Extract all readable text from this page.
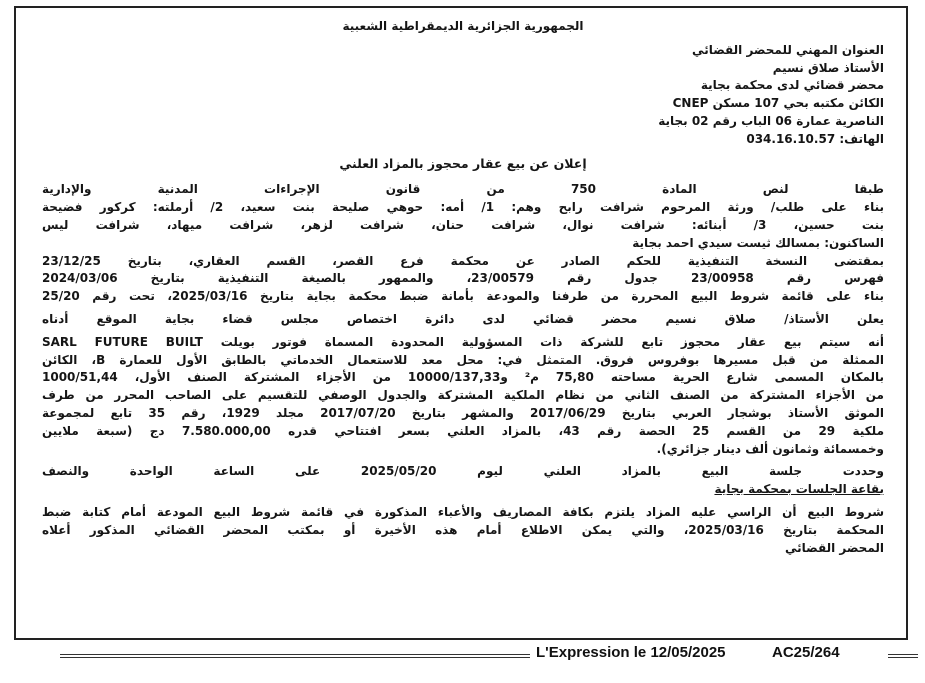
الجمهورية الجزائرية الديمقراطية الشعبية
العنوان المهني للمحضر القضائي
الأستاذ صلاق نسيم
محضر قضائي لدى محكمة بجاية
الكائن مكتبه بحي 107 مسكن CNEP
الناصرية عمارة 06 الباب رقم 02 بجاية
الهاتف: 034.16.10.57
إعلان عن بيع عقار محجوز بالمزاد العلني
طبقا لنص المادة 750 من قانون الإجراءات المدنية والإدارية
بناء على طلب/ ورثة المرحوم شرافت رابح وهم: 1/ أمه: حوهي صليحة بنت سعيد، 2/ أرملته: كركور فضيحة
بنت حسين، 3/ أبنائه: شرافت نوال، شرافت حنان، شرافت لزهر، شرافت ميهاد، شرافت ليس
الساكنون: بمسالك ثيست سيدي احمد بجاية
بمقتضى النسخة التنفيذية للحكم الصادر عن محكمة فرع القصر، القسم العقاري، بتاريخ 23/12/25
فهرس رقم 23/00958 جدول رقم 23/00579، والممهور بالصيغة التنفيذية بتاريخ 2024/03/06
بناء على قائمة شروط البيع المحررة من طرفنا والمودعة بأمانة ضبط محكمة بجاية بتاريخ 2025/03/16، تحت رقم 25/20
يعلن الأستاذ/ صلاق نسيم محضر قضائي لدى دائرة اختصاص مجلس قضاء بجاية الموقع أدناه
أنه سيتم بيع عقار محجوز تابع للشركة ذات المسؤولية المحدودة المسماة فوتور بويلت SARL FUTURE BUILT
الممثلة من قبل مسيرها بوفروس فروق. المتمثل في: محل معد للاستعمال الخدماتي بالطابق الأول للعمارة B، الكائن
بالمكان المسمى شارع الحرية مساحته 75,80 م² و10000/137,33 من الأجزاء المشتركة الصنف الأول، 1000/51,44
من الأجزاء المشتركة من الصنف الثاني من نظام الملكية المشتركة والجدول الوصفي للتقسيم على الصاحب المحرر من طرف
الموثق الأستاذ بوشجار العربي بتاريخ 2017/06/29 والمشهر بتاريخ 2017/07/20 مجلد 1929، رقم 35 تابع لمجموعة
ملكية 29 من القسم 25 الحصة رقم 43، بالمزاد العلني بسعر افتتاحي قدره 7.580.000,00 دج (سبعة ملايين
وخمسمائة وثمانون ألف دينار جزائري).
وحددت جلسة البيع بالمزاد العلني ليوم 2025/05/20 على الساعة الواحدة والنصف
بقاعة الجلسات بمحكمة بجاية
شروط البيع أن الراسي عليه المزاد يلتزم بكافة المصاريف والأعباء المذكورة في قائمة شروط البيع المودعة أمام كتابة ضبط
المحكمة بتاريخ 2025/03/16، والتي يمكن الاطلاع أمام هذه الأخيرة أو بمكتب المحضر القضائي المذكور أعلاه
المحضر القضائي
L'Expression le 12/05/2025	AC25/264
